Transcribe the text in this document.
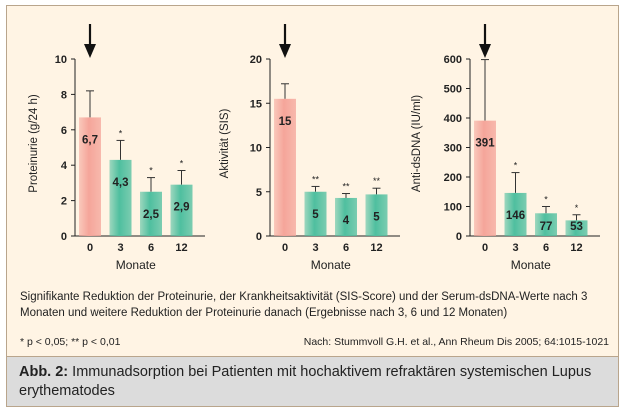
0
2
4
6
8
10
Proteinurie (g/24 h)	6,7
0
4,3
*
3
2,5
*
6
2,9
*
12
Monate
0
5
10
15
20
Aktivität (SIS)	15
0
5
**
3
4
**
6
5
**
12
Monate
0
100
200
300
400
500
600
Anti-dsDNA (IU/ml)	391
0
146
*
3
77
*
6
53
*
12
Monate
Signifikante Reduktion der Proteinurie, der Krankheitsaktivität (SIS-Score) und der Serum-dsDNA-Werte nach 3 Monaten und weitere Reduktion der Proteinurie danach (Ergebnisse nach 3, 6 und 12 Monaten)
* p < 0,05; ** p < 0,01	Nach: Stummvoll G.H. et al., Ann Rheum Dis 2005; 64:1015-1021
Abb. 2: Immunadsorption bei Patienten mit hochaktivem refraktären systemischen Lupus erythematodes
